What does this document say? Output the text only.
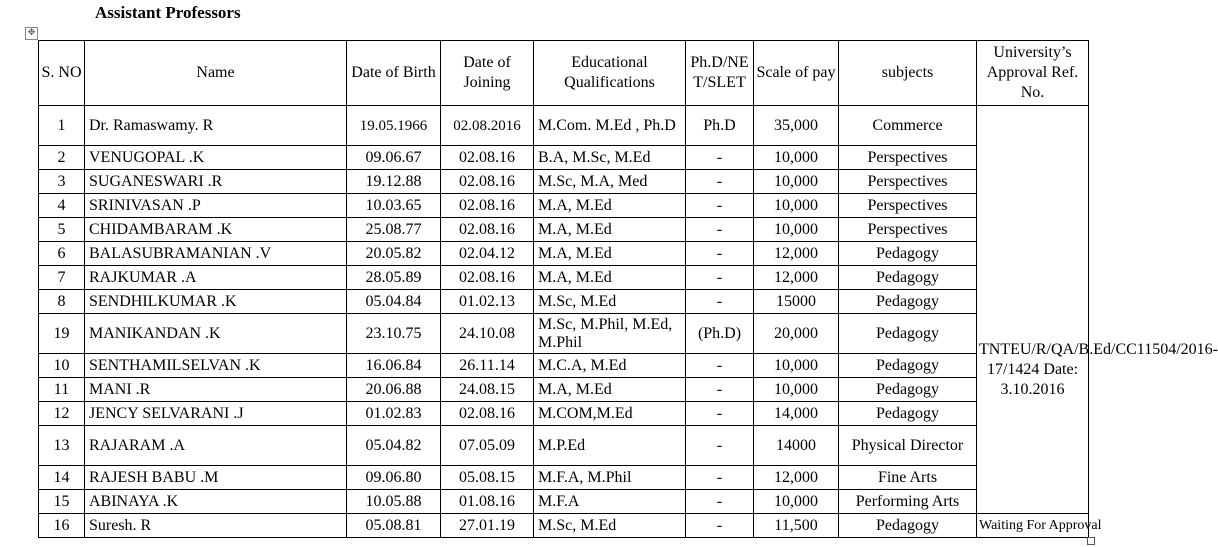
Assistant Professors
✥
S. NO	Name	Date of Birth	Date of Joining	Educational Qualifications	Ph.D/NET/SLET	Scale of pay	subjects	University’s Approval Ref. No.
1	Dr. Ramaswamy. R	19.05.1966	02.08.2016	M.Com. M.Ed , Ph.D	Ph.D	35,000	Commerce	TNTEU/R/QA/B.Ed/CC11504/2016-17/1424 Date: 3.10.2016
2	VENUGOPAL .K	09.06.67	02.08.16	B.A, M.Sc, M.Ed	-	10,000	Perspectives	
3	SUGANESWARI .R	19.12.88	02.08.16	M.Sc, M.A, Med	-	10,000	Perspectives	
4	SRINIVASAN .P	10.03.65	02.08.16	M.A, M.Ed	-	10,000	Perspectives	
5	CHIDAMBARAM .K	25.08.77	02.08.16	M.A, M.Ed	-	10,000	Perspectives	
6	BALASUBRAMANIAN .V	20.05.82	02.04.12	M.A, M.Ed	-	12,000	Pedagogy	
7	RAJKUMAR .A	28.05.89	02.08.16	M.A, M.Ed	-	12,000	Pedagogy	
8	SENDHILKUMAR .K	05.04.84	01.02.13	M.Sc, M.Ed	-	15000	Pedagogy	
19	MANIKANDAN .K	23.10.75	24.10.08	M.Sc, M.Phil, M.Ed, M.Phil	(Ph.D)	20,000	Pedagogy	
10	SENTHAMILSELVAN .K	16.06.84	26.11.14	M.C.A, M.Ed	-	10,000	Pedagogy	
11	MANI .R	20.06.88	24.08.15	M.A, M.Ed	-	10,000	Pedagogy	
12	JENCY SELVARANI .J	01.02.83	02.08.16	M.COM,M.Ed	-	14,000	Pedagogy	
13	RAJARAM .A	05.04.82	07.05.09	M.P.Ed	-	14000	Physical Director	
14	RAJESH BABU .M	09.06.80	05.08.15	M.F.A, M.Phil	-	12,000	Fine Arts	
15	ABINAYA .K	10.05.88	01.08.16	M.F.A	-	10,000	Performing Arts	
16	Suresh. R	05.08.81	27.01.19	M.Sc, M.Ed	-	11,500	Pedagogy	Waiting For Approval
